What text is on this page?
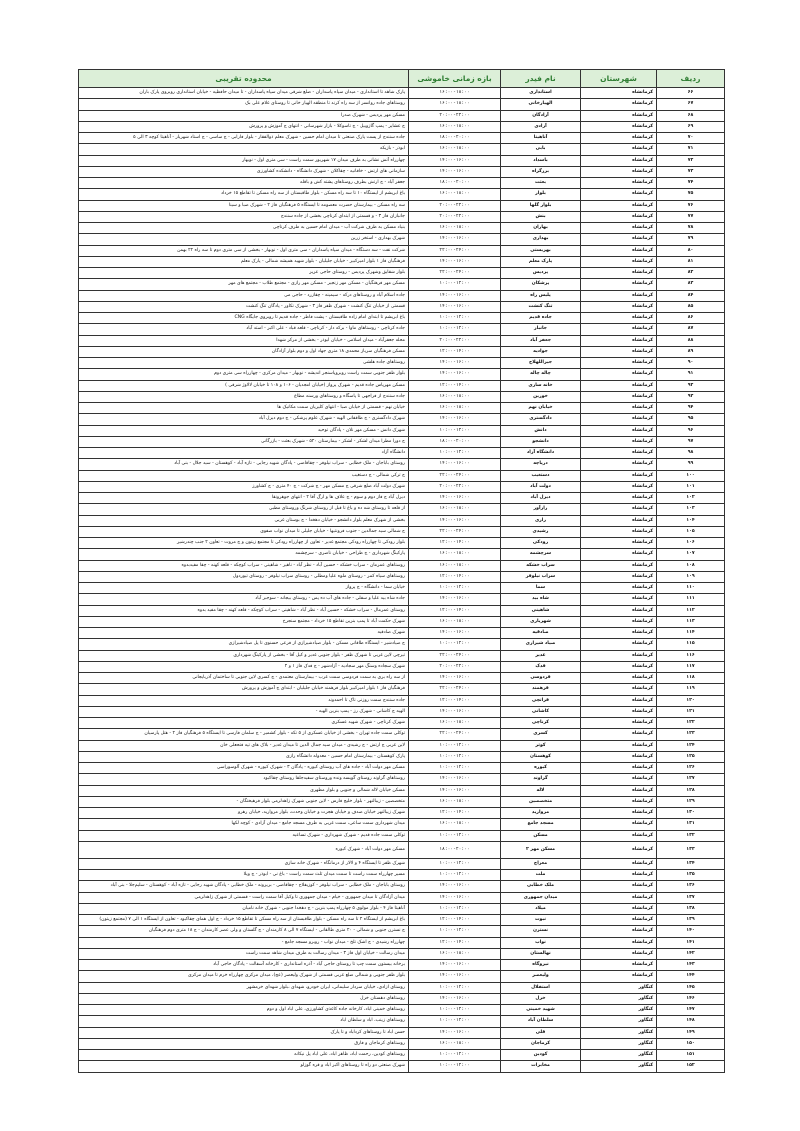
ردیف	شهرستان	نام فیدر	بازه زمانی خاموشی	محدوده تقریبی
۶۶	کرمانشاه	استانداری	۱۶:۰۰-۱۸:۰۰	پارک شاهد تا استانداری - میدان سپاه پاسداران - ضلع شرقی میدان سپاه پاسداران - تا میدان حافظیه - خیابان استانداری روبروی پارک باران
۶۷	کرمانشاه	الهیارخانی	۱۶:۰۰-۱۸:۰۰	روستاهای جاده روانسر از سه راه کرند تا منطقه الهیار خانی تا روستای غلام علی بک
۶۸	کرمانشاه	آزادگان	۲۰:۰۰-۲۲:۰۰	مسکن مهر پردیس - شهرک صدرا
۶۹	کرمانشاه	آزادی	۱۶:۰۰-۱۸:۰۰	ج عشایر - پمپ گازوییل - ج تاسوکلا - بازار شهرسانی - انتهای ج آموزش و پرورش
۷۰	کرمانشاه	آناهیتا	۱۸:۰۰-۲۰:۰۰	جاده سنندج از پست پارک صنعتی تا میدان امام حسین - شهرک معلم ذوالفقار - بلوار فارابی - ج ساسی - ج استاد شهریار - آناهیتا کوچه ۳ الی ۵
۷۱	کرمانشاه	بابی	۱۶:۰۰-۱۸:۰۰	ابوذر - بازیکه
۷۲	کرمانشاه	باسداد	۱۴:۰۰-۱۶:۰۰	چهارراه آتش نشانی به طرف میدان ۱۷ شهریور سمت راست - سی متری اول - نوبهار
۷۳	کرمانشاه	برزگراه	۱۴:۰۰-۱۶:۰۰	سازمانی های ارتش - خاقانیه - چقاکلان - شهرک دانشگاه - دانشکده کشاورزی
۷۴	کرمانشاه	بعثت	۱۸:۰۰-۲۰:۰۰	جعفر آباد - ج ارتش بطرف روستاهای پشته کش و باقله
۷۵	کرمانشاه	بلوار	۱۶:۰۰-۱۸:۰۰	باغ ابریشم از ایستگاه ۱۰ تا سه راه مسکن - بلوار طاقبستان از سه راه مسکن تا تقاطع ۱۵ خرداد
۷۶	کرمانشاه	بلوار گلها	۲۰:۰۰-۲۲:۰۰	سه راه مسکن - بیمارستان حضرت معصومه تا ایستگاه ۵ فرهنگیان فاز ۲ - شهرک صبا و سینا
۷۷	کرمانشاه	بنش	۲۰:۰۰-۲۲:۰۰	جانبازان فاز ۳ - و قسمتی از ابتدای کرناچی بخشی از جاده سنندج
۷۸	کرمانشاه	بهاران	۱۶:۰۰-۱۸:۰۰	بنیاد مسکن به طرف شرکت آب - میدان امام حسین به طرف کرناچی
۷۹	کرمانشاه	بهداری	۱۴:۰۰-۱۶:۰۰	شهرک بهداری - استخر زرین
۸۰	کرمانشاه	بهزیستی	۲۲:۰۰-۲۴:۰۰	شرکت نفت - سه دستگاه - میدان سپاه پاسداران - سی متری اول - نوبهار - بخشی از سی متری دوم تا سه راه ۲۲ بهمن
۸۱	کرمانشاه	پارک معلم	۱۴:۰۰-۱۶:۰۰	فرهنگیان فاز ۱ بلوار امیرکبیر - خیابان جلیلیان - بلوار شهید همیشه شمالی - پارک معلم
۸۲	کرمانشاه	پردیس	۲۲:۰۰-۲۴:۰۰	بلوار شقایق وشهرک پردیس - روستای حاجی عزیز
۸۳	کرمانشاه	پرشکان	۱۰:۰۰-۱۲:۰۰	مسکن مهر فرهنگیان - مسکن مهر زنجیر - مسکن مهر رازی - مجتمع طلاب - مجتمع های مهر
۸۴	کرمانشاه	پلیس راه	۱۴:۰۰-۱۶:۰۰	جاده اسلام آباد و روستاهای درکه - سیمینه - چقازرد - حاجی می
۸۵	کرمانشاه	تنگ کنشت	۱۴:۰۰-۱۶:۰۰	قسمتی از خیابان تنگ کنشت - شهرک ظفر فاز ۳ - شهرک تکاور - پادگان تنگ کنشت
۸۶	کرمانشاه	جاده قدیم	۱۰:۰۰-۱۲:۰۰	باغ ابریشم تا ابتدای امام زاده طاقبستان - پشت فاطر - جاده قدیم تا روبروی جایگاه CNG
۸۷	کرمانشاه	جانباز	۱۰:۰۰-۱۲:۰۰	جاده کرناچی - روستاهای ماوا - برکه دار - کرناچی - قلعه قباد - علی اکبر - استد آباد
۸۸	کرمانشاه	جعفر آباد	۲۰:۰۰-۲۲:۰۰	محله جعفرآباد - میدان اسلامی - خیابان ابوذر - بخشی از مرکز شهدا
۸۹	کرمانشاه	جوادیه	۱۲:۰۰-۱۴:۰۰	مسکن فرهنگیان سرباز محمدی ۱۸ متری جهاد اول و دوم بلوار آزادگان
۹۰	کرمانشاه	جیراللهلاح	۱۴:۰۰-۱۶:۰۰	روستاهای جاده هلشی
۹۱	کرمانشاه	چاله چاله	۱۴:۰۰-۱۶:۰۰	بلوار ظفر جنوبی سمت راست روبروپاسنجر اندیشه - نوبهار - میدان مرکزی - چهارراه سی متری دوم
۹۲	کرمانشاه	خانه سازی	۱۲:۰۰-۱۴:۰۰	مسکن مهرپاس جاده قدیم - شهرک پرواز (خیابان امجدیان - ۱۰۶ و ۱۰۸ تا خیابان لالاوژ شرقی )
۹۳	کرمانشاه	خورین	۱۶:۰۰-۱۸:۰۰	جاده سنندج از فراجهی تا پاسگاه و روستاهای ورسنه مطاع
۹۴	کرمانشاه	خیابان نهم	۱۶:۰۰-۱۸:۰۰	خیابان نهم - قسمتی از خیابان صبا - انتهای کلیریان سمت مکانیک ها
۹۵	کرمانشاه	دادگستری	۱۴:۰۰-۱۶:۰۰	شهرک دادگستری - ج طاقفانی الهیه - شهرک علوم پزشکی - ج دوم دیزل آباد
۹۶	کرمانشاه	دانش	۱۰:۰۰-۱۲:۰۰	شهرک دانش - مسکن مهر نلان - پادگان توحید
۹۷	کرمانشاه	دانشجو	۱۸:۰۰-۲۰:۰۰	ج دورا مطرا میدان لشکر - لشکر - بیمارستان ۵۲۰ - شهرک بعثت - بازرگانی
۹۸	کرمانشاه	دانشگاه آزاد	۱۰:۰۰-۱۲:۰۰	دانشگاه آزاد
۹۹	کرمانشاه	دریاچه	۱۴:۰۰-۱۶:۰۰	روستای باباجان - ملک خطابی - سراب نیلوفر - چقاقاضی - پادگان شهید رجایی - تازه آباد - کوهستان - سید جلال - بنی آباد
۱۰۰	کرمانشاه	دستغیب	۲۲:۰۰-۲۴:۰۰	ج ترکی شمالی - ج دستغیب
۱۰۱	کرمانشاه	دولت آباد	۲۰:۰۰-۲۲:۰۰	شهرک دولت آباد ضلع شرقی ج مسکن مهر - ج شرکت - ج ۴۰ متری - ج کشاورز
۱۰۲	کرمانشاه	دیزل آباد	۱۴:۰۰-۱۶:۰۰	دیزل آباد ج فاز دوم و سوم - ج علاف ها و ارگ آقا ۲ - انتهای جوهرونقا
۱۰۳	کرمانشاه	رازآور	۱۶:۰۰-۱۸:۰۰	از قلعه تا روستای شه ده و باغ تا قبل از روستای شرنگ وروستای مطبی
۱۰۴	کرمانشاه	رازی	۱۴:۰۰-۱۶:۰۰	بخشی از شهرک معلم بلوار دانشجو - خیابان دهخدا - ج بوستان غربی
۱۰۵	کرمانشاه	رشیدی	۲۲:۰۰-۲۴:۰۰	ج شمالی سید جمالدین - جنوب فرونتیها - خیابان جلیلی تا میدان نواب صفوی
۱۰۶	کرمانشاه	رودکی	۱۲:۰۰-۱۴:۰۰	بلوار رودکی تا چهارراه رودکی مجتمع غدیر - تعاون از چهارراه رودکی تا مجتمع زیتون و ج مروت - تعاون ۲ جنب چندرشیر
۱۰۷	کرمانشاه	سرچشمه	۱۶:۰۰-۱۸:۰۰	پارکینگ شهرداری - ج طراحی - خیابان ناصری - سرچشمه
۱۰۸	کرمانشاه	سراب خشکه	۱۶:۰۰-۱۸:۰۰	روستاهای عمرمان - سراب خشکه - حسین آباد - نظر آباد - ناهیر - شاهینی - سراب کوچکه - قلعه کهنه - چقا مفیدبدوه
۱۰۹	کرمانشاه	سراب نیلوفر	۱۲:۰۰-۱۴:۰۰	روستاهای سیاه کمر - روستای ملوه علیا ومطلی - روستای سراب نیلوفر - روستای تیوردول
۱۱۰	کرمانشاه	سما	۱۰:۰۰-۱۲:۰۰	خیابان سما - دانشگاه - ج پرواز
۱۱۱	کرمانشاه	شاه بید	۱۴:۰۰-۱۶:۰۰	جاده شاه بید علیا و سفلی - جاده های آب ده پس - روستای بیجانه - سوجبر آباد
۱۱۲	کرمانشاه	شاهینی	۱۲:۰۰-۱۴:۰۰	روستای عمرمال - سراب خشکه - حسین آباد - نظر آباد - شاهینی - سراب کوچکه - قلعه کهنه - چقا مفید بدوه
۱۱۳	کرمانشاه	شهریاری	۱۶:۰۰-۱۸:۰۰	شهرک حکمت آباد تا پمپ بنزین تقاطع ۱۵ خرداد - مجتمع سنجرخ
۱۱۴	کرمانشاه	صادقیه	۱۴:۰۰-۱۶:۰۰	شهرک صادقیه
۱۱۵	کرمانشاه	صیاد شیرازی	۱۰:۰۰-۱۲:۰۰	ج صیادشیز - ایستگاه طاقانی مسکن - بلوار صیادشیرازی از فرعی حسنوی تا پل صیادشیرازی
۱۱۶	کرمانشاه	غدیر	۲۲:۰۰-۲۴:۰۰	تیرچی لاین غربی تا شهرک ظفر - بلوار جنوبی غدیر و کیل آقا - بخشی از پارکینگ شهرداری
۱۱۷	کرمانشاه	فدک	۲۰:۰۰-۲۲:۰۰	شهرک سجاده وسنگ مهر سجادیه - آزادشهر - ج فدک فاز ۱ و ۲
۱۱۸	کرمانشاه	فردوسی	۱۴:۰۰-۱۶:۰۰	از سه راه بری به سمت فردوسی سمت غرب - بیمارستان معتمدی - ج کسری لاین جنوبی تا ساختمان آذربایجانی
۱۱۹	کرمانشاه	فرهمند	۲۲:۰۰-۲۴:۰۰	فرهنگیان فاز ۱ بلوار امیرکبیر بلوار فرهمند خیابان جلیلیان - ابتدای ج آموزش و پرورش
۱۲۰	کرمانشاه	فراتچی	۱۲:۰۰-۱۴:۰۰	جاده سنندج سمت روزنی تاک تا احمدوند
۱۲۱	کرمانشاه	کاشانی	۱۴:۰۰-۱۶:۰۰	الهیه ج کاشانی - شهرک رز - پمپ بنزین الهیه -
۱۲۲	کرمانشاه	کرناچی	۱۶:۰۰-۱۸:۰۰	شهرک کرناچی - شهرک شهید عسکری
۱۲۳	کرمانشاه	کسری	۲۲:۰۰-۲۴:۰۰	توکلی سمت جاده تهران - بخشی از خیابان عسکری از ۵ تکه - بلوار کشمیر - ج سلمان فارسی تا ایستگاه ۵ فرهنگیان فاز ۲ - هتل پارسیان
۱۲۴	کرمانشاه	کوثر	۱۰:۰۰-۱۲:۰۰	لاین غربی ج ارتش - ج رشیدی - میدان سید جمال الدین تا میدان غدیر - بلاک های تپه فتحعلی خان
۱۲۵	کرمانشاه	کوهستان	۱۰:۰۰-۱۲:۰۰	پارک کوهستان - بیمارستان امام حسین - معدوله دانشگاه رازی
۱۲۶	کرمانشاه	کیوره	۱۰:۰۰-۱۲:۰۰	مسکن مهر دولت آباد - جاده های آب روستای کیوره - پادگان ۳ - شهرک کیوره - شهرک آلوسوراسی
۱۲۷	کرمانشاه	گراوند	۱۴:۰۰-۱۶:۰۰	روستاهای گراوند روستای گویسه ونده وروستای سفیدجلقا روستای چقاکبود
۱۲۸	کرمانشاه	لاله	۱۴:۰۰-۱۶:۰۰	مسکن خیابان لاله شمالی و جنوبی و بلوار مطهری
۱۲۹	کرمانشاه	متخصصین	۱۶:۰۰-۱۸:۰۰	متخصصین - زیبالنهر - بلوار خلیج فارس - لاین جنوبی شهرک زاهدلرمی بلوار فرهیختگان -
۱۳۰	کرمانشاه	مروارید	۱۲:۰۰-۱۴:۰۰	شهرک زیبالنهر خیابان صدف و خیابان هجرت و خیابان وحدت، بلوار مروارید، خیابان رهرو
۱۳۱	کرمانشاه	مسجد جامع	۱۶:۰۰-۱۸:۰۰	میدان شهرداری سمت ساعی، سمت غربی به طرف مسجد جامع - میدان آزادی - کوچه لکها
۱۳۲	کرمانشاه	مسکن	۱۰:۰۰-۱۲:۰۰	توکلی سمت جاده قدیم - شهرک شهرداری - شهرک تساعیه
۱۳۳	کرمانشاه	مسکن مهر ۲	۱۸:۰۰-۲۰:۰۰	مسکن مهر دولت آباد - شهرک کیوره
۱۳۴	کرمانشاه	معراج	۱۰:۰۰-۱۲:۰۰	شهرک ظفر تا ایستگاه ۴ و لالار از درمانگاه - شهرک خانه سازی
۱۳۵	کرمانشاه	ملت	۱۰:۰۰-۱۲:۰۰	مسیر چهارراه سمت راست تا سمت میدان ثلث سمت راست - باغ نی - ابوذر - ج ویلا
۱۳۶	کرمانشاه	ملک خطابی	۱۴:۰۰-۱۶:۰۰	روستای باباجان - ملک خطابی - سراب نیلوفر - کوزیفلاح - چقاقاضی - بریزونه - ملک خطابی - پادگان شهید رجایی - تازه آباد - کوهستان - سلیم‌جلا - بنی آباد
۱۳۷	کرمانشاه	میدان جمهوری	۱۴:۰۰-۱۶:۰۰	میدان آزادگان تا میدان جمهوری - خیام - میدان جمهوری تا وکیل آقا سمت راست - قسمتی از شهرک زاهدلرمی
۱۳۸	کرمانشاه	میلاد	۱۰:۰۰-۱۲:۰۰	آناهیتا فاز ۴ - بلوار مولوی ۵ چهارراه پمپ بنزین - ج دهخدا جنوبی - شهرک خانه نامیان
۱۳۹	کرمانشاه	نبوت	۱۲:۰۰-۱۴:۰۰	باغ ابریشم از ایستگاه ۲ تا سه راه مسکن - بلوار طاقبستان از سه راه مسکن تا تقاطع ۱۵ خرداد - ج اول همای چقاکبود - تعاون از ایستگاه ۱ الی ۷ (مجتمع زیتون)
۱۴۰	کرمانشاه	نسترن	۱۰:۰۰-۱۲:۰۰	ج نسترن جنوبی و شمالی - ۲۰ متری طالقانی - ایستگاه ۷ الی ۸ کارمندان - ج گلستان و ولی عصر کارمندان - ج ۱۸ متری دوم فرهنگیان
۱۴۱	کرمانشاه	نواب	۱۲:۰۰-۱۴:۰۰	چهارراه رشیدی - ج اشک تلخ - میدان نواب - روبرو مسجد جامع -
۱۴۲	کرمانشاه	نهالستان	۱۶:۰۰-۱۸:۰۰	میدان رسالت - خیابان اول فاز ۳ - میدان رسالت به طرف میدان شاهد سمت راست
۱۴۳	کرمانشاه	نیروگاه	۱۴:۰۰-۱۶:۰۰	برخانه بیستون سمت چپ تا روستای حاجی آباد - آذره استانداری - کارخانه آسفالت - پادگان حاجی آباد
۱۴۴	کرمانشاه	ولیعصر	۱۴:۰۰-۱۶:۰۰	بلوار ظفر جنوبی و شمالی ضلع غربی قسمتی از شهرک ولیعصر (عج)، میدان مرکزی چهارراه خرم تا میدان مرکزی
۱۴۵	کنگاور	استقلال	۱۰:۰۰-۱۲:۰۰	روستای ازادی، خیابان سردار سلیمانی، ایران خودرو، شهدای ،بلوار شهدای خرمشهر
۱۴۶	کنگاور	خزل	۱۴:۰۰-۱۶:۰۰	روستاهای دهستان خزل
۱۴۷	کنگاور	شهید خمینی	۱۰:۰۰-۱۲:۰۰	روستاهای خمینی اباد، کارخانه جاده کاغذی کشاورزی، علی اباد اول و دوم
۱۴۸	کنگاور	سلطان آباد	۱۰:۰۰-۱۲:۰۰	روستاهای زینب، اباد و سلطان اباد
۱۴۹	کنگاور	قلی	۱۴:۰۰-۱۶:۰۰	حسن اباد تا روستاهای کرداباد و تا پارک
۱۵۰	کنگاور	کرماجان	۱۶:۰۰-۱۸:۰۰	روستاهای کرماجان و فارق
۱۵۱	کنگاور	کودین	۱۰:۰۰-۱۲:۰۰	روستاهای کودین، رحمت اباد، ظاهر اباد، علی اباد پل نیکانه
۱۵۲	کنگاور	مخابرات	۱۰:۰۰-۱۲:۰۰	شهرک صنعتی دو راه تا روستاهای اکبر اباد و قره گوزلو
